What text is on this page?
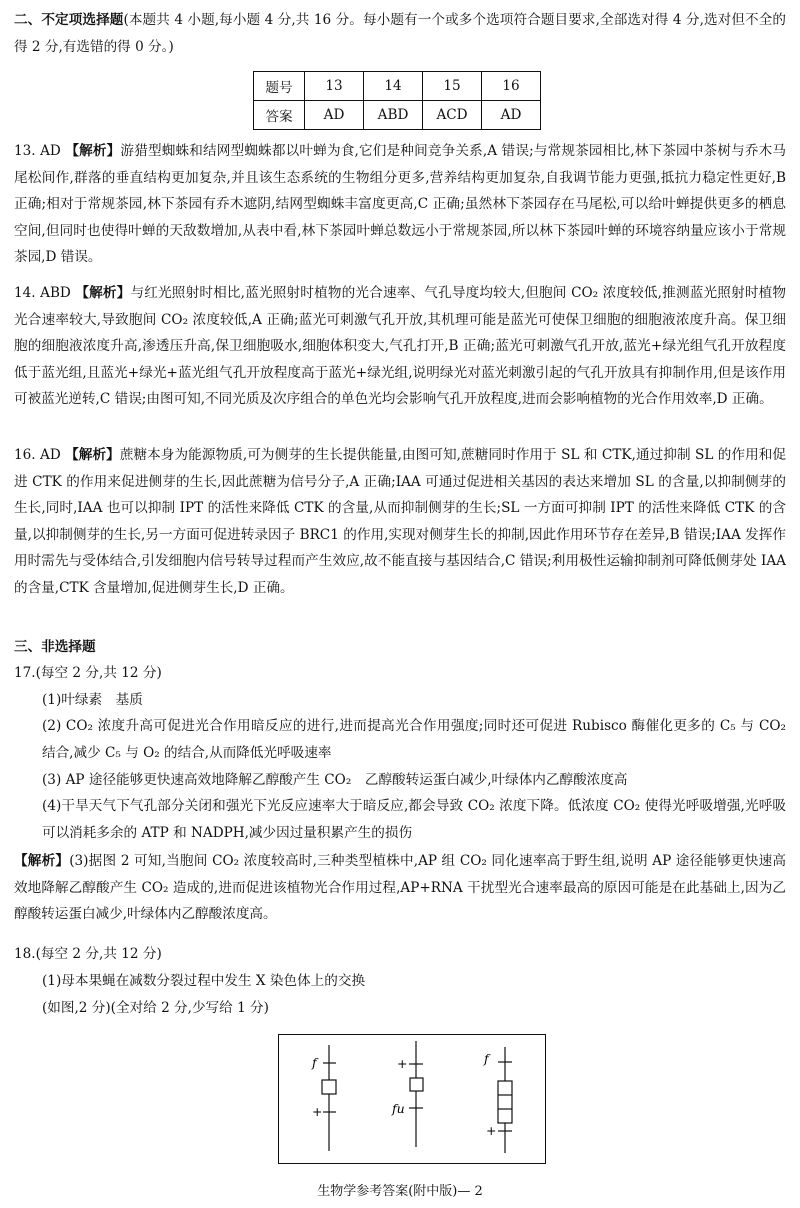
二、不定项选择题(本题共 4 小题,每小题 4 分,共 16 分。每小题有一个或多个选项符合题目要求,全部选对得 4 分,选对但不全的得 2 分,有选错的得 0 分。)
题号	13	14	15	16
答案	AD	ABD	ACD	AD
13. AD 【解析】游猎型蜘蛛和结网型蜘蛛都以叶蝉为食,它们是种间竞争关系,A 错误;与常规茶园相比,林下茶园中茶树与乔木马尾松间作,群落的垂直结构更加复杂,并且该生态系统的生物组分更多,营养结构更加复杂,自我调节能力更强,抵抗力稳定性更好,B 正确;相对于常规茶园,林下茶园有乔木遮阴,结网型蜘蛛丰富度更高,C 正确;虽然林下茶园存在马尾松,可以给叶蝉提供更多的栖息空间,但同时也使得叶蝉的天敌数增加,从表中看,林下茶园叶蝉总数远小于常规茶园,所以林下茶园叶蝉的环境容纳量应该小于常规茶园,D 错误。
14. ABD 【解析】与红光照射时相比,蓝光照射时植物的光合速率、气孔导度均较大,但胞间 CO₂ 浓度较低,推测蓝光照射时植物光合速率较大,导致胞间 CO₂ 浓度较低,A 正确;蓝光可刺激气孔开放,其机理可能是蓝光可使保卫细胞的细胞液浓度升高。保卫细胞的细胞液浓度升高,渗透压升高,保卫细胞吸水,细胞体积变大,气孔打开,B 正确;蓝光可刺激气孔开放,蓝光+绿光组气孔开放程度低于蓝光组,且蓝光+绿光+蓝光组气孔开放程度高于蓝光+绿光组,说明绿光对蓝光刺激引起的气孔开放具有抑制作用,但是该作用可被蓝光逆转,C 错误;由图可知,不同光质及次序组合的单色光均会影响气孔开放程度,进而会影响植物的光合作用效率,D 正确。
16. AD 【解析】蔗糖本身为能源物质,可为侧芽的生长提供能量,由图可知,蔗糖同时作用于 SL 和 CTK,通过抑制 SL 的作用和促进 CTK 的作用来促进侧芽的生长,因此蔗糖为信号分子,A 正确;IAA 可通过促进相关基因的表达来增加 SL 的含量,以抑制侧芽的生长,同时,IAA 也可以抑制 IPT 的活性来降低 CTK 的含量,从而抑制侧芽的生长;SL 一方面可抑制 IPT 的活性来降低 CTK 的含量,以抑制侧芽的生长,另一方面可促进转录因子 BRC1 的作用,实现对侧芽生长的抑制,因此作用环节存在差异,B 错误;IAA 发挥作用时需先与受体结合,引发细胞内信号转导过程而产生效应,故不能直接与基因结合,C 错误;利用极性运输抑制剂可降低侧芽处 IAA 的含量,CTK 含量增加,促进侧芽生长,D 正确。
三、非选择题
17.(每空 2 分,共 12 分)
(1)叶绿素　基质
(2) CO₂ 浓度升高可促进光合作用暗反应的进行,进而提高光合作用强度;同时还可促进 Rubisco 酶催化更多的 C₅ 与 CO₂ 结合,减少 C₅ 与 O₂ 的结合,从而降低光呼吸速率
(3) AP 途径能够更快速高效地降解乙醇酸产生 CO₂　乙醇酸转运蛋白减少,叶绿体内乙醇酸浓度高
(4)干旱天气下气孔部分关闭和强光下光反应速率大于暗反应,都会导致 CO₂ 浓度下降。低浓度 CO₂ 使得光呼吸增强,光呼吸可以消耗多余的 ATP 和 NADPH,减少因过量积累产生的损伤
【解析】(3)据图 2 可知,当胞间 CO₂ 浓度较高时,三种类型植株中,AP 组 CO₂ 同化速率高于野生组,说明 AP 途径能够更快速高效地降解乙醇酸产生 CO₂ 造成的,进而促进该植物光合作用过程,AP+RNA 干扰型光合速率最高的原因可能是在此基础上,因为乙醇酸转运蛋白减少,叶绿体内乙醇酸浓度高。
18.(每空 2 分,共 12 分)
(1)母本果蝇在减数分裂过程中发生 X 染色体上的交换
(如图,2 分)(全对给 2 分,少写给 1 分)
f
+
+
fu
f
+
生物学参考答案(附中版)— 2
